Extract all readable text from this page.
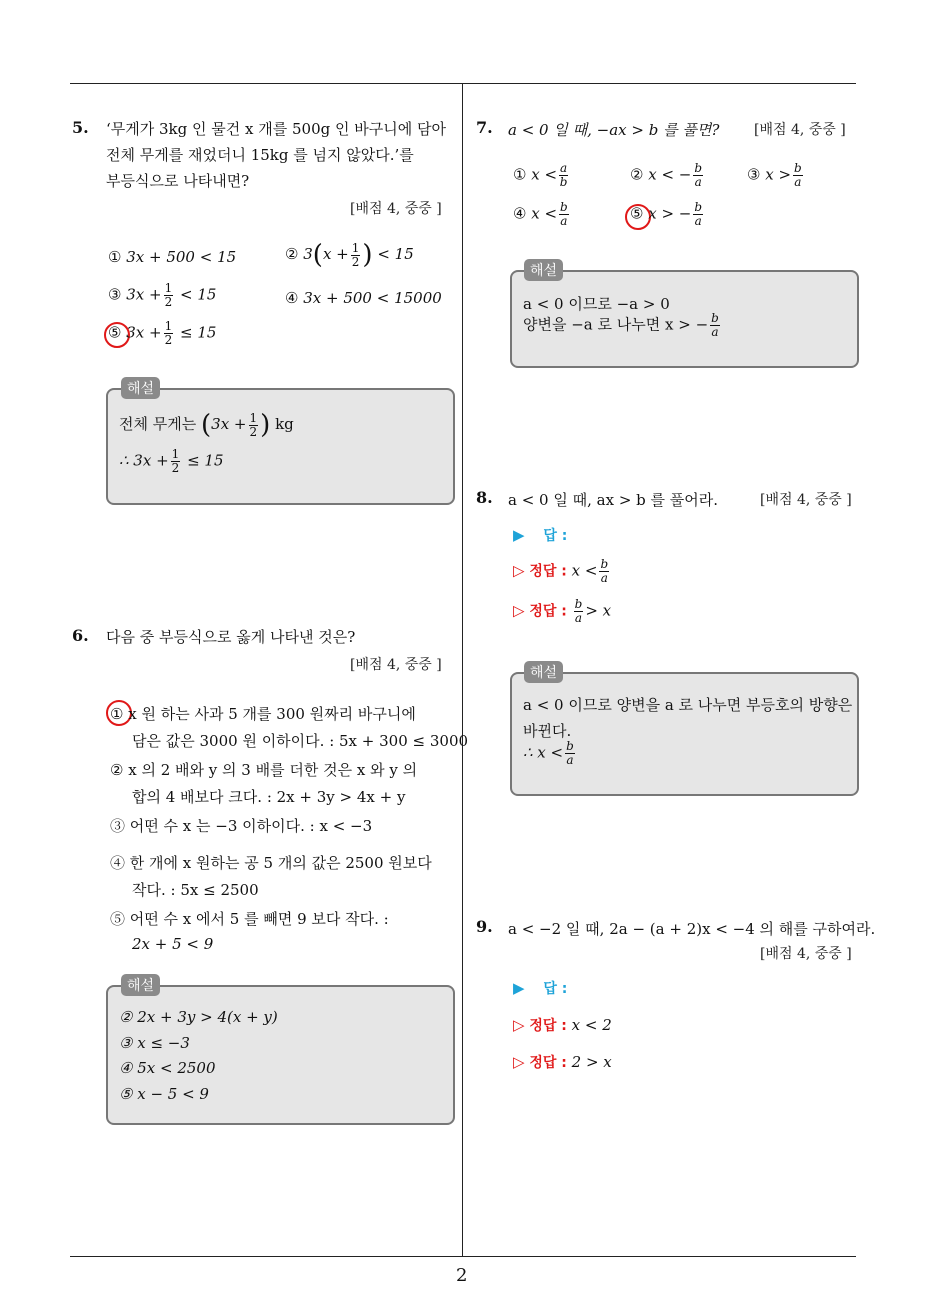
2
5. ‘무게가 3kg 인 물건 x 개를 500g 인 바구니에 담아
전체 무게를 재었더니 15kg 를 넘지 않았다.’를
부등식으로 나타내면?
[배점 4, 중중 ]
① 3x + 500 < 15	② $3(x + \frac{1}{2}$ ) < 15
③ $3x + \frac{1}{2} < 15$	④ 3x + 500 < 15000
⑤ $3x + \frac{1}{2} \le 15$
해설
전체 무게는 ($3x + \frac{1}{2}$ ) kg
∴ $3x + \frac{1}{2} \le 15$
6. 다음 중 부등식으로 옳게 나타낸 것은?
[배점 4, 중중 ]
① x 원 하는 사과 5 개를 300 원짜리 바구니에
담은 값은 3000 원 이하이다. : 5x + 300 ≤ 3000
② x 의 2 배와 y 의 3 배를 더한 것은 x 와 y 의
합의 4 배보다 크다. : 2x + 3y > 4x + y
③ 어떤 수 x 는 −3 이하이다. : x < −3
④ 한 개에 x 원하는 공 5 개의 값은 2500 원보다
작다. : 5x ≤ 2500
⑤ 어떤 수 x 에서 5 를 빼면 9 보다 작다. :
2x + 5 < 9
해설
② 2x + 3y > 4(x + y)
③ x ≤ −3
④ 5x < 2500
⑤ x − 5 < 9
7. a < 0 일 때, −ax > b 를 풀면? [배점 4, 중중 ]
① $x < \frac{a}{b}$	② x < − $\frac{b}{a}$	③ $x > \frac{b}{a}$
④ $x < \frac{b}{a}$	⑤ x > − $\frac{b}{a}$
해설
a < 0 이므로 −a > 0
양변을 −a 로 나누면 x > − $\frac{b}{a}$
8. a < 0 일 때, ax > b 를 풀어라.	[배점 4, 중중 ]
▶ 답 :
▷ 정답 : $x < \frac{b}{a}$
▷ 정답 : $\frac{b}{a} > x$
해설
a < 0 이므로 양변을 a 로 나누면 부등호의 방향은
바뀐다.
∴ $x < \frac{b}{a}$
9. a < −2 일 때, 2a − (a + 2)x < −4 의 해를 구하여라.
[배점 4, 중중 ]
▶ 답 :
▷ 정답 : x < 2
▷ 정답 : 2 > x
